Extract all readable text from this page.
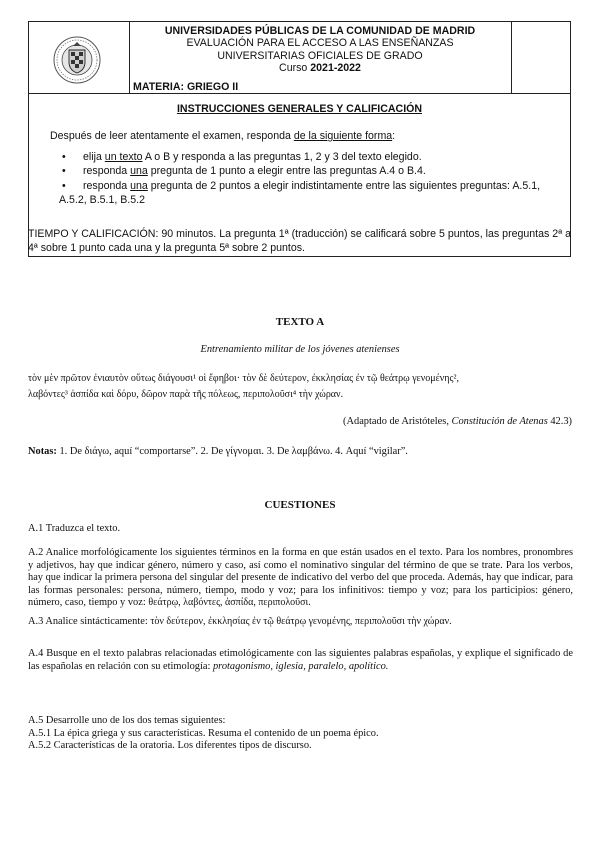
UNIVERSIDADES PÚBLICAS DE LA COMUNIDAD DE MADRID
EVALUACIÓN PARA EL ACCESO A LAS ENSEÑANZAS
UNIVERSITARIAS OFICIALES DE GRADO
Curso 2021-2022
MATERIA: GRIEGO II
INSTRUCCIONES GENERALES Y CALIFICACIÓN
Después de leer atentamente el examen, responda de la siguiente forma:
• elija un texto A o B y responda a las preguntas 1, 2 y 3 del texto elegido.
• responda una pregunta de 1 punto a elegir entre las preguntas A.4 o B.4.
• responda una pregunta de 2 puntos a elegir indistintamente entre las siguientes preguntas: A.5.1, A.5.2, B.5.1, B.5.2
TIEMPO Y CALIFICACIÓN: 90 minutos. La pregunta 1ª (traducción) se calificará sobre 5 puntos, las preguntas 2ª a 4ª sobre 1 punto cada una y la pregunta 5ª sobre 2 puntos.
TEXTO A
Entrenamiento militar de los jóvenes atenienses
τὸν μὲν πρῶτον ἐνιαυτὸν οὕτως διάγουσι¹ οἱ ἔφηβοι· τὸν δὲ δεύτερον, ἐκκλησίας ἐν τῷ θεάτρῳ γενομένης²,
λαβόντες³ ἀσπίδα καὶ δόρυ, δῶρον παρὰ τῆς πόλεως, περιπολοῦσι⁴ τὴν χώραν.
(Adaptado de Aristóteles, Constitución de Atenas 42.3)
Notas: 1. De διάγω, aquí “comportarse”. 2. De γίγνομαι. 3. De λαμβάνω. 4. Aquí “vigilar”.
CUESTIONES
A.1 Traduzca el texto.
A.2 Analice morfológicamente los siguientes términos en la forma en que están usados en el texto. Para los nombres, pronombres y adjetivos, hay que indicar género, número y caso, así como el nominativo singular del término de que se trate. Para los verbos, hay que indicar la primera persona del singular del presente de indicativo del verbo del que proceda. Además, hay que indicar, para las formas personales: persona, número, tiempo, modo y voz; para los infinitivos: tiempo y voz; para los participios: género, número, caso, tiempo y voz: θεάτρῳ, λαβόντες, ἀσπίδα, περιπολοῦσι.
A.3 Analice sintácticamente: τὸν δεύτερον, ἐκκλησίας ἐν τῷ θεάτρῳ γενομένης, περιπολοῦσι τὴν χώραν.
A.4 Busque en el texto palabras relacionadas etimológicamente con las siguientes palabras españolas, y explique el significado de las españolas en relación con su etimología: protagonismo, iglesia, paralelo, apolítico.
A.5 Desarrolle uno de los dos temas siguientes:
A.5.1 La épica griega y sus características. Resuma el contenido de un poema épico.
A.5.2 Características de la oratoria. Los diferentes tipos de discurso.
